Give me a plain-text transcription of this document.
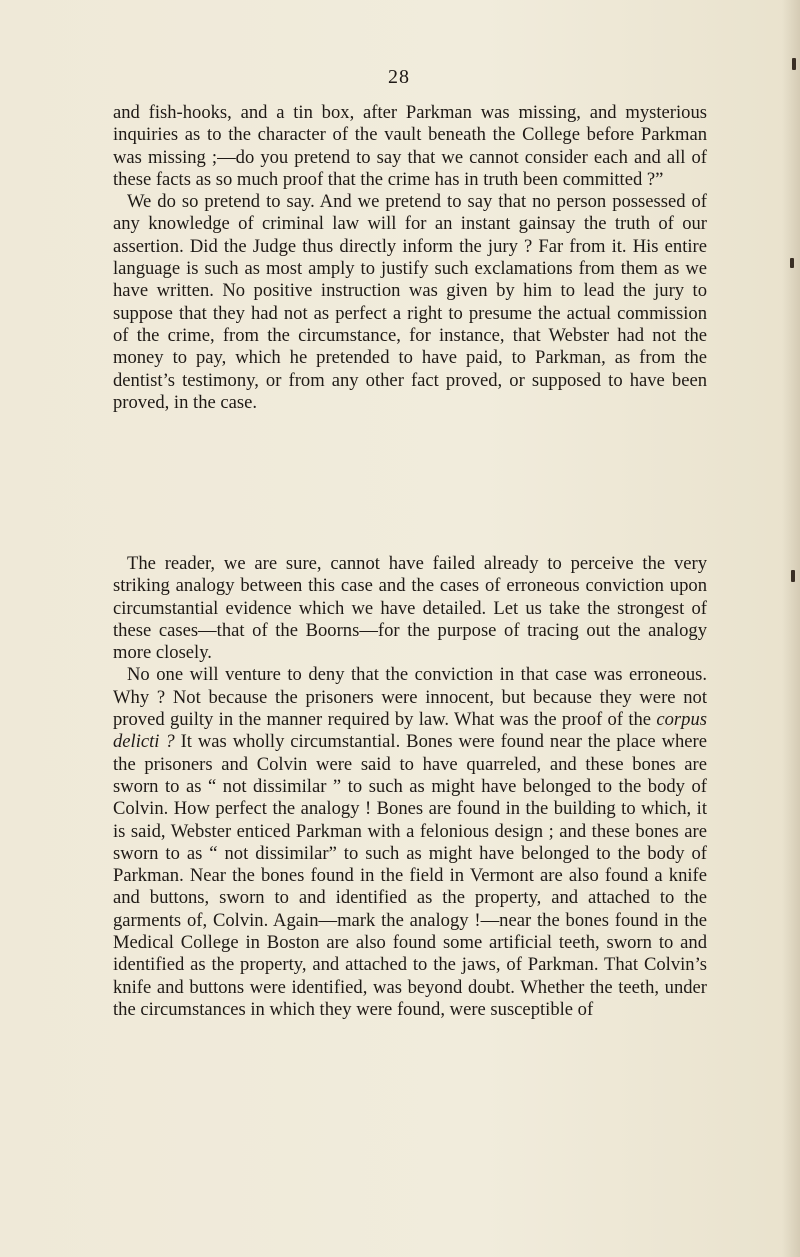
28

and fish-hooks, and a tin box, after Parkman was missing, and mysterious inquiries as to the character of the vault beneath the College before Parkman was missing ;—do you pretend to say that we cannot consider each and all of these facts as so much proof that the crime has in truth been committed ?”

We do so pretend to say. And we pretend to say that no person possessed of any knowledge of criminal law will for an instant gainsay the truth of our assertion. Did the Judge thus directly inform the jury ? Far from it. His entire language is such as most amply to justify such exclamations from them as we have written. No positive instruction was given by him to lead the jury to suppose that they had not as perfect a right to presume the actual commission of the crime, from the circumstance, for instance, that Webster had not the money to pay, which he pretended to have paid, to Parkman, as from the dentist’s testimony, or from any other fact proved, or supposed to have been proved, in the case.

The reader, we are sure, cannot have failed already to perceive the very striking analogy between this case and the cases of erroneous conviction upon circumstantial evidence which we have detailed. Let us take the strongest of these cases—that of the Boorns—for the purpose of tracing out the analogy more closely.

No one will venture to deny that the conviction in that case was erroneous. Why ? Not because the prisoners were innocent, but because they were not proved guilty in the manner required by law. What was the proof of the corpus delicti ? It was wholly circumstantial. Bones were found near the place where the prisoners and Colvin were said to have quarreled, and these bones are sworn to as “ not dissimilar ” to such as might have belonged to the body of Colvin. How perfect the analogy ! Bones are found in the building to which, it is said, Webster enticed Parkman with a felonious design ; and these bones are sworn to as “ not dissimilar” to such as might have belonged to the body of Parkman. Near the bones found in the field in Vermont are also found a knife and buttons, sworn to and identified as the property, and attached to the garments of, Colvin. Again—mark the analogy !—near the bones found in the Medical College in Boston are also found some artificial teeth, sworn to and identified as the property, and attached to the jaws, of Parkman. That Colvin’s knife and buttons were identified, was beyond doubt. Whether the teeth, under the circumstances in which they were found, were susceptible of
